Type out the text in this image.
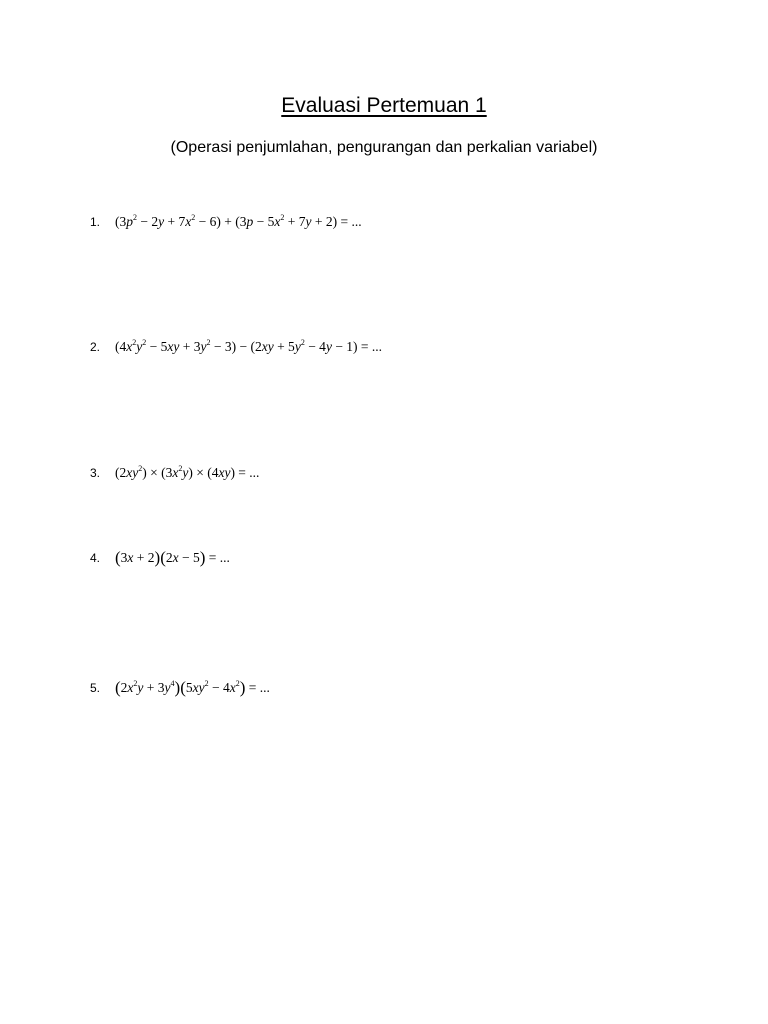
Evaluasi Pertemuan 1
(Operasi penjumlahan, pengurangan dan perkalian variabel)
1.	$(3p^2 - 2y + 7x^2 - 6) + (3p - 5x^2 + 7y + 2)$ = ...
2.	$(4x^2y^2 - 5xy + 3y^2 - 3) - (2xy + 5y^2 - 4y - 1)$ = ...
3.	$(2xy^2) \times (3x^2y) \times (4xy)$ = ...
4. (3x + 2)(2x − 5) = ...
5. $(2x^2y + 3y^4)(5xy^2 - 4x^2)$ = ...
